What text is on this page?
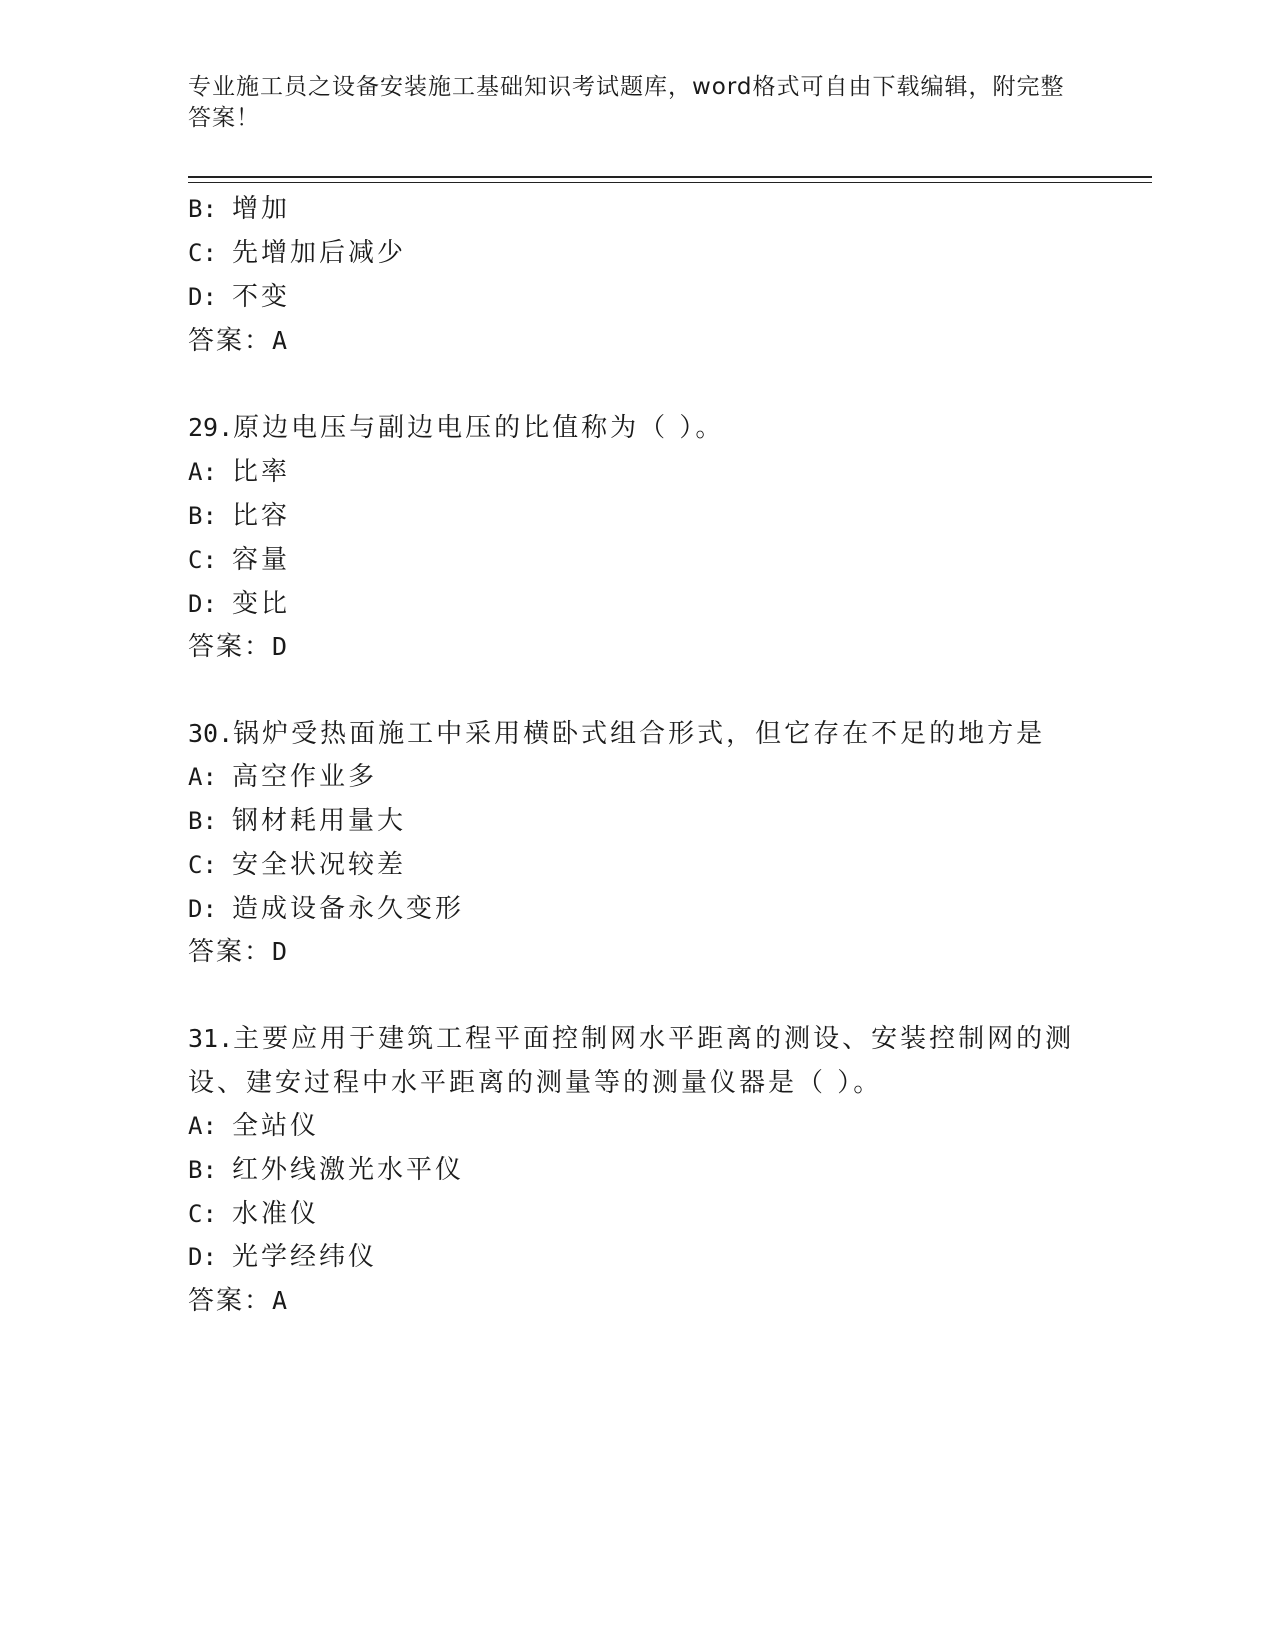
专业施工员之设备安装施工基础知识考试题库，word格式可自由下载编辑，附完整答案！
B: 增加
C: 先增加后减少
D: 不变
答案：A
29.原边电压与副边电压的比值称为（ ）。
A: 比率
B: 比容
C: 容量
D: 变比
答案：D
30.锅炉受热面施工中采用横卧式组合形式，但它存在不足的地方是
A: 高空作业多
B: 钢材耗用量大
C: 安全状况较差
D: 造成设备永久变形
答案：D
31.主要应用于建筑工程平面控制网水平距离的测设、安装控制网的测
设、建安过程中水平距离的测量等的测量仪器是（ ）。
A: 全站仪
B: 红外线激光水平仪
C: 水准仪
D: 光学经纬仪
答案：A
